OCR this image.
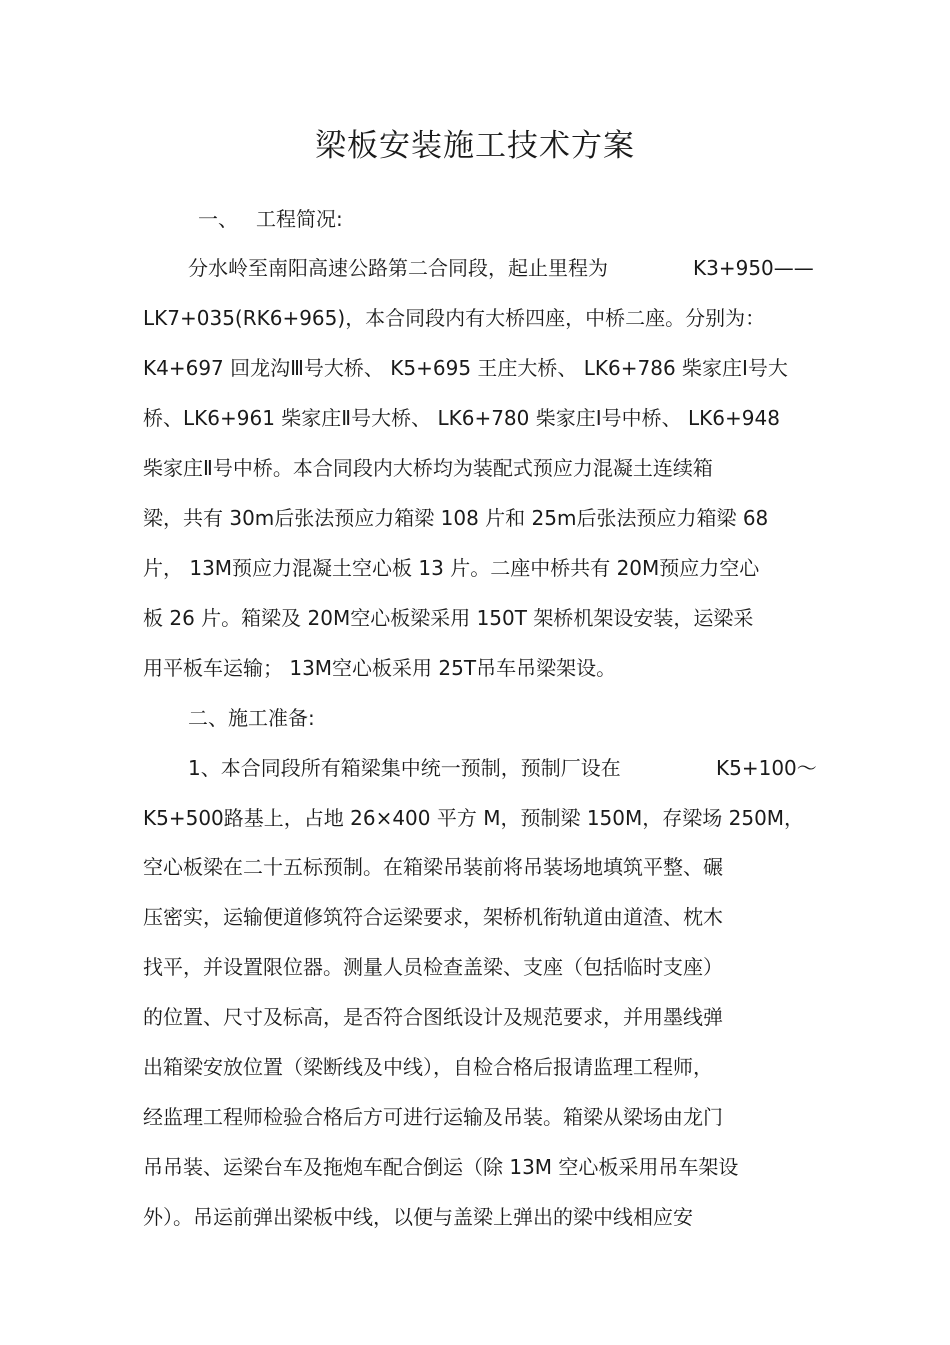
梁板安装施工技术方案
一、 工程简况:
分水岭至南阳高速公路第二合同段，起止里程为	K3+950——
LK7+035(RK6+965)，本合同段内有大桥四座，中桥二座。分别为：
K4+697 回龙沟Ⅲ号大桥、 K5+695 王庄大桥、 LK6+786 柴家庄Ⅰ号大
桥、LK6+961 柴家庄Ⅱ号大桥、 LK6+780 柴家庄Ⅰ号中桥、 LK6+948
柴家庄Ⅱ号中桥。本合同段内大桥均为装配式预应力混凝土连续箱
梁，共有 30m后张法预应力箱梁 108 片和 25m后张法预应力箱梁 68
片， 13M预应力混凝土空心板 13 片。二座中桥共有 20M预应力空心
板 26 片。箱梁及 20M空心板梁采用 150T 架桥机架设安装，运梁采
用平板车运输； 13M空心板采用 25T吊车吊梁架设。
二、施工准备:
1、本合同段所有箱梁集中统一预制，预制厂设在	K5+100～
K5+500路基上，占地 26×400 平方 M，预制梁 150M，存梁场 250M，
空心板梁在二十五标预制。在箱梁吊装前将吊装场地填筑平整、碾
压密实，运输便道修筑符合运梁要求，架桥机衔轨道由道渣、枕木
找平，并设置限位器。测量人员检查盖梁、支座（包括临时支座）
的位置、尺寸及标高，是否符合图纸设计及规范要求，并用墨线弹
出箱梁安放位置（梁断线及中线），自检合格后报请监理工程师，
经监理工程师检验合格后方可进行运输及吊装。箱梁从梁场由龙门
吊吊装、运梁台车及拖炮车配合倒运（除 13M 空心板采用吊车架设
外）。吊运前弹出梁板中线，以便与盖梁上弹出的梁中线相应安
